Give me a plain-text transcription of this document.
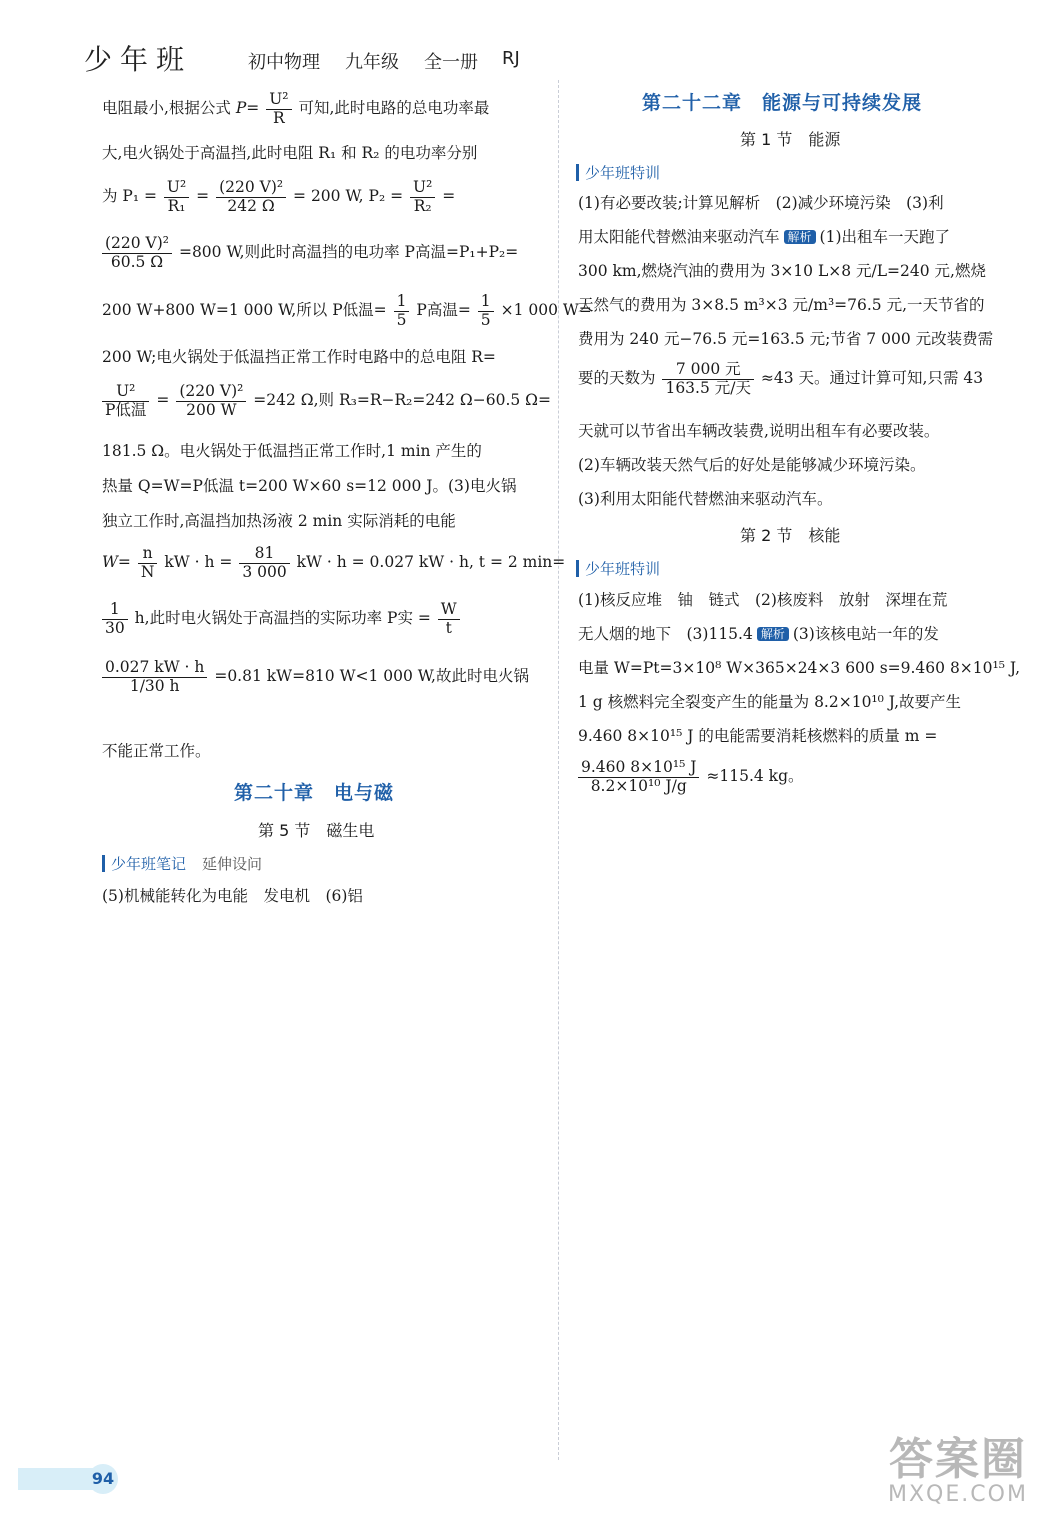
少年班	初中物理 九年级 全一册 RJ
电阻最小,根据公式 $P= \frac{\text{U²}}{R}$ 可知,此时电路的总电功率最
大,电火锅处于高温挡,此时电阻 R₁ 和 R₂ 的电功率分别
为 $P_1 = \frac{\text{U²}}{\text{R₁}} = \frac{\text{(220 V)²}}{242 \Omega} = 200$ W, $P_2 = \frac{\text{U²}}{\text{R₂}}$ =
$\frac{\text{(220 V)²}}{60.5 \Omega} =800$ W,则此时高温挡的电功率 P高温=P₁+P₂=
200 W+800 W=1 000 W,所以 P低温= $\frac{1}{5}$ P高温= $\frac{1}{5} \times 1$ 000 W=
200 W;电火锅处于低温挡正常工作时电路中的总电阻 R=
$\frac{\text{U²}}{\text{P低温}} = \frac{\text{(220 V)²}}{200 W} =242$ Ω,则 R₃=R−R₂=242 Ω−60.5 Ω=
181.5 Ω。电火锅处于低温挡正常工作时,1 min 产生的
热量 Q=W=P低温 t=200 W×60 s=12 000 J。(3)电火锅
独立工作时,高温挡加热汤液 2 min 实际消耗的电能
$W= \frac{n}{N}$ kW · $h = \frac{81}{3 000}$ kW · h = 0.027 kW · h, t = 2 min=
$\frac{1}{30} h$,此时电火锅处于高温挡的实际功率 P实 = $\frac{W}{t}$
$\frac{0.027 kW \cdot h}{1/30 h} =0.81$ kW=810 W<1 000 W,故此时电火锅
不能正常工作。
第二十章　电与磁
第 5 节　磁生电
少年班笔记 延伸设问
(5)机械能转化为电能　发电机　(6)铝
第二十二章　能源与可持续发展
第 1 节　能源
少年班特训
(1)有必要改装;计算见解析　(2)减少环境污染　(3)利
用太阳能代替燃油来驱动汽车 解析 (1)出租车一天跑了
300 km,燃烧汽油的费用为 3×10 L×8 元/L=240 元,燃烧
天然气的费用为 3×8.5 m³×3 元/m³=76.5 元,一天节省的
费用为 240 元−76.5 元=163.5 元;节省 7 000 元改装费需
要的天数为 $\frac{\text{7 000 元}}{\text{163.5 元/天}} \approx 43$ 天。通过计算可知,只需 43
天就可以节省出车辆改装费,说明出租车有必要改装。
(2)车辆改装天然气后的好处是能够减少环境污染。
(3)利用太阳能代替燃油来驱动汽车。
第 2 节　核能
少年班特训
(1)核反应堆　铀　链式　(2)核废料　放射　深埋在荒
无人烟的地下　(3)115.4 解析 (3)该核电站一年的发
电量 W=Pt=3×10⁸ W×365×24×3 600 s=9.460 8×10¹⁵ J,
1 g 核燃料完全裂变产生的能量为 8.2×10¹⁰ J,故要产生
9.460 8×10¹⁵ J 的电能需要消耗核燃料的质量 m =
$\frac{\text{9.460 8×10¹⁵ J}}{\text{8.2×10¹⁰ J/g}} \approx 115.4$ kg。
94	答案圈
MXQE.COM
